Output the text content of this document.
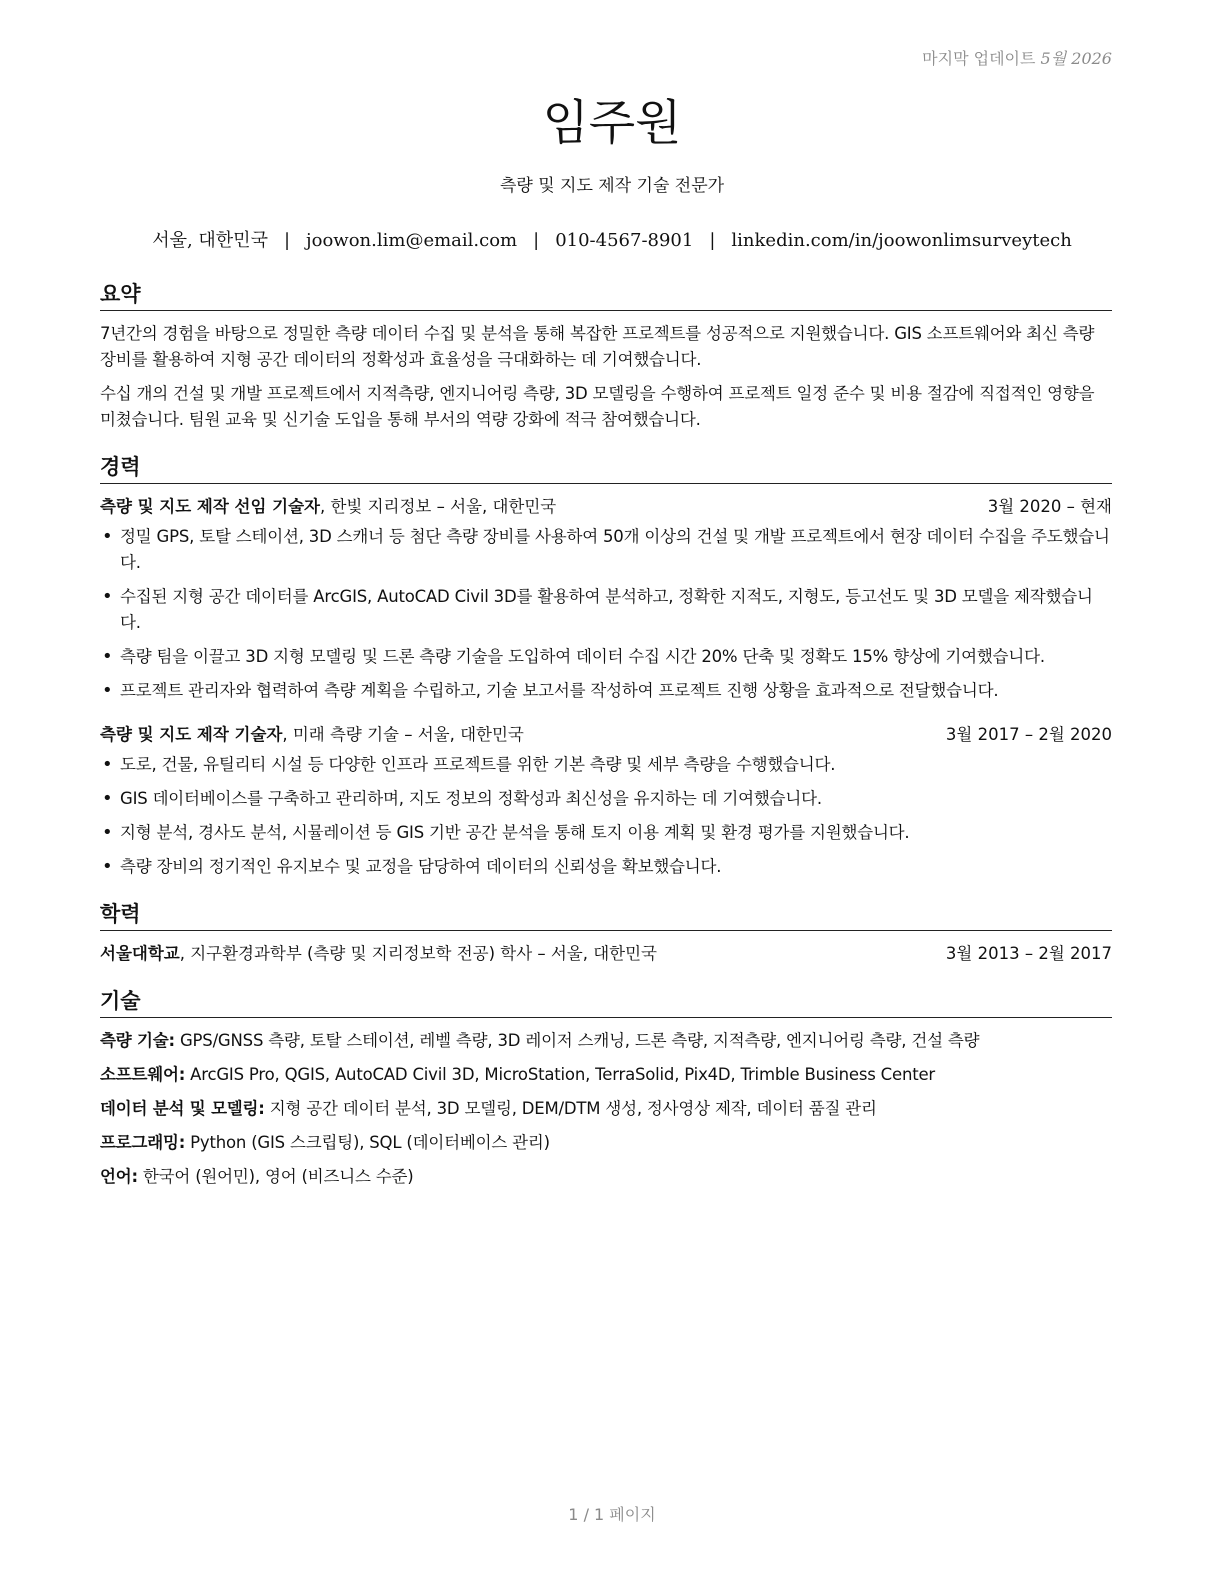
마지막 업데이트 5월 2026
임주원
측량 및 지도 제작 기술 전문가
서울, 대한민국 | joowon.lim@email.com | 010-4567-8901 | linkedin.com/in/joowonlimsurveytech
요약

7년간의 경험을 바탕으로 정밀한 측량 데이터 수집 및 분석을 통해 복잡한 프로젝트를 성공적으로 지원했습니다. GIS 소프트웨어와 최신 측량 장비를 활용하여 지형 공간 데이터의 정확성과 효율성을 극대화하는 데 기여했습니다.

수십 개의 건설 및 개발 프로젝트에서 지적측량, 엔지니어링 측량, 3D 모델링을 수행하여 프로젝트 일정 준수 및 비용 절감에 직접적인 영향을 미쳤습니다. 팀원 교육 및 신기술 도입을 통해 부서의 역량 강화에 적극 참여했습니다.

경력
측량 및 지도 제작 선임 기술자, 한빛 지리정보 – 서울, 대한민국	3월 2020 – 현재
• 정밀 GPS, 토탈 스테이션, 3D 스캐너 등 첨단 측량 장비를 사용하여 50개 이상의 건설 및 개발 프로젝트에서 현장 데이터 수집을 주도했습니다.
• 수집된 지형 공간 데이터를 ArcGIS, AutoCAD Civil 3D를 활용하여 분석하고, 정확한 지적도, 지형도, 등고선도 및 3D 모델을 제작했습니다.
• 측량 팀을 이끌고 3D 지형 모델링 및 드론 측량 기술을 도입하여 데이터 수집 시간 20% 단축 및 정확도 15% 향상에 기여했습니다.
• 프로젝트 관리자와 협력하여 측량 계획을 수립하고, 기술 보고서를 작성하여 프로젝트 진행 상황을 효과적으로 전달했습니다.
측량 및 지도 제작 기술자, 미래 측량 기술 – 서울, 대한민국	3월 2017 – 2월 2020
• 도로, 건물, 유틸리티 시설 등 다양한 인프라 프로젝트를 위한 기본 측량 및 세부 측량을 수행했습니다.
• GIS 데이터베이스를 구축하고 관리하며, 지도 정보의 정확성과 최신성을 유지하는 데 기여했습니다.
• 지형 분석, 경사도 분석, 시뮬레이션 등 GIS 기반 공간 분석을 통해 토지 이용 계획 및 환경 평가를 지원했습니다.
• 측량 장비의 정기적인 유지보수 및 교정을 담당하여 데이터의 신뢰성을 확보했습니다.
학력
서울대학교, 지구환경과학부 (측량 및 지리정보학 전공) 학사 – 서울, 대한민국	3월 2013 – 2월 2017
기술
측량 기술: GPS/GNSS 측량, 토탈 스테이션, 레벨 측량, 3D 레이저 스캐닝, 드론 측량, 지적측량, 엔지니어링 측량, 건설 측량
소프트웨어: ArcGIS Pro, QGIS, AutoCAD Civil 3D, MicroStation, TerraSolid, Pix4D, Trimble Business Center
데이터 분석 및 모델링: 지형 공간 데이터 분석, 3D 모델링, DEM/DTM 생성, 정사영상 제작, 데이터 품질 관리
프로그래밍: Python (GIS 스크립팅), SQL (데이터베이스 관리)
언어: 한국어 (원어민), 영어 (비즈니스 수준)
1 / 1 페이지
